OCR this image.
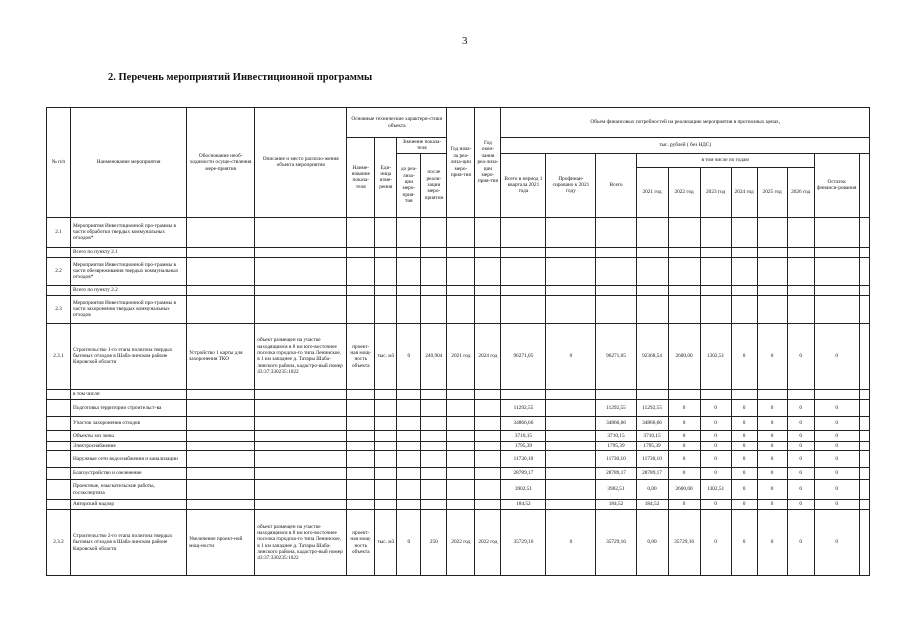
3
2. Перечень мероприятий Инвестиционной программы
№ п/п	Наименование мероприятия	Обоснование необ-ходимости осуще-ствления мере-приятия	Описание и место располо-жения объекта мероприятия	Основные технические характери-стики объекта				Год нача-ла реа-лиза-ции меро-прия-тия	Год окон-чания реа-лиза-ции меро-прия-тия	Объем финансовых потребностей на реализацию мероприятия в прогнозных ценах,										
				Наиме-нование показа-теля	Еди-ница изме-рения	Значение показа-теля				тыс. рублей ( без НДС)										
						до реа-лиза-ции меро-прия-тия	после реали-зации меро-приятия			Всего в период 1 квартала 2021 года	Профинан-сировано к 2021 году	Всего	в том числе по годам						Остаток финанси-рования	
													2021 год	2022 год	2023 год	2024 год	2025 год	2026 год		
2.1	Мероприятия Инвестиционной про-граммы в части обработки твердых коммунальных отходов*																			
	Всего по пункту 2.1																			
2.2	Мероприятия Инвестиционной про-граммы в части обезвреживания твердых коммунальных отходов*																			
	Всего по пункту 2.2																			
2.3	Мероприятия Инвестиционной про-граммы в части захоронения твердых коммунальных отходов																			
2.3.1	Строительство 1-го этапа полигона твердых бытовых отходов в Шаба-линском районе Кировской области	Устройство 1 карты для захоронения ТКО	объект размещен на участке находящимся в 8 км юго-восточнее поселка городско-го типа Ленинское, в 1 км западнее д. Татары Шаба-линского района, кадастро-вый номер 43:37:330235:1022	проект-ная мощ-ность объекта	тыс. м3	0	240,904	2021 год	2024 год	96271,05	0	96271,05	92368,54	2600,00	1302,51	0	0	0	0	
	в том числе:																			
	Подготовка территории строительст-ва									11292,55		11292,55	11292,55	0	0	0	0	0	0	
	Участок захоронения отходов									34866,66		34866,66	34866,66	0	0	0	0	0	0	
	Объекты хоз зоны									3710,15		3710,15	3710,15	0	0	0	0	0	0	
	Электроснабжение									1795,39		1795,39	1795,39	0	0	0	0	0	0	
	Наружные сети водоснабжения и канализации									11730,10		11730,10	11730,10	0	0	0	0	0	0	
	Благоустройство и озеленение									28789,17		28789,17	28789,17	0	0	0	0	0	0	
	Проектные, изыскательские работы, госэкспертиза									3902,51		3902,51	0,00	2600,00	1302,51	0	0	0	0	
	Авторский надзор									184,52		184,52	184,52	0	0	0	0	0	0	
2.3.2	Строительство 2-го этапа полигона твердых бытовых отходов в Шаба-линском районе Кировской области	Увеличение проект-ной мощ-ности	объект размещен на участке находящимся в 8 км юго-восточнее поселка городско-го типа Ленинское, в 1 км западнее д. Татары Шаба-линского района, кадастро-вый номер 43:37:330235:1022	проект-ная мощ-ность объекта	тыс. м3	0	250	2022 год	2022 год	35729,16	0	35729,16	0,00	35729,16	0	0	0	0	0	
